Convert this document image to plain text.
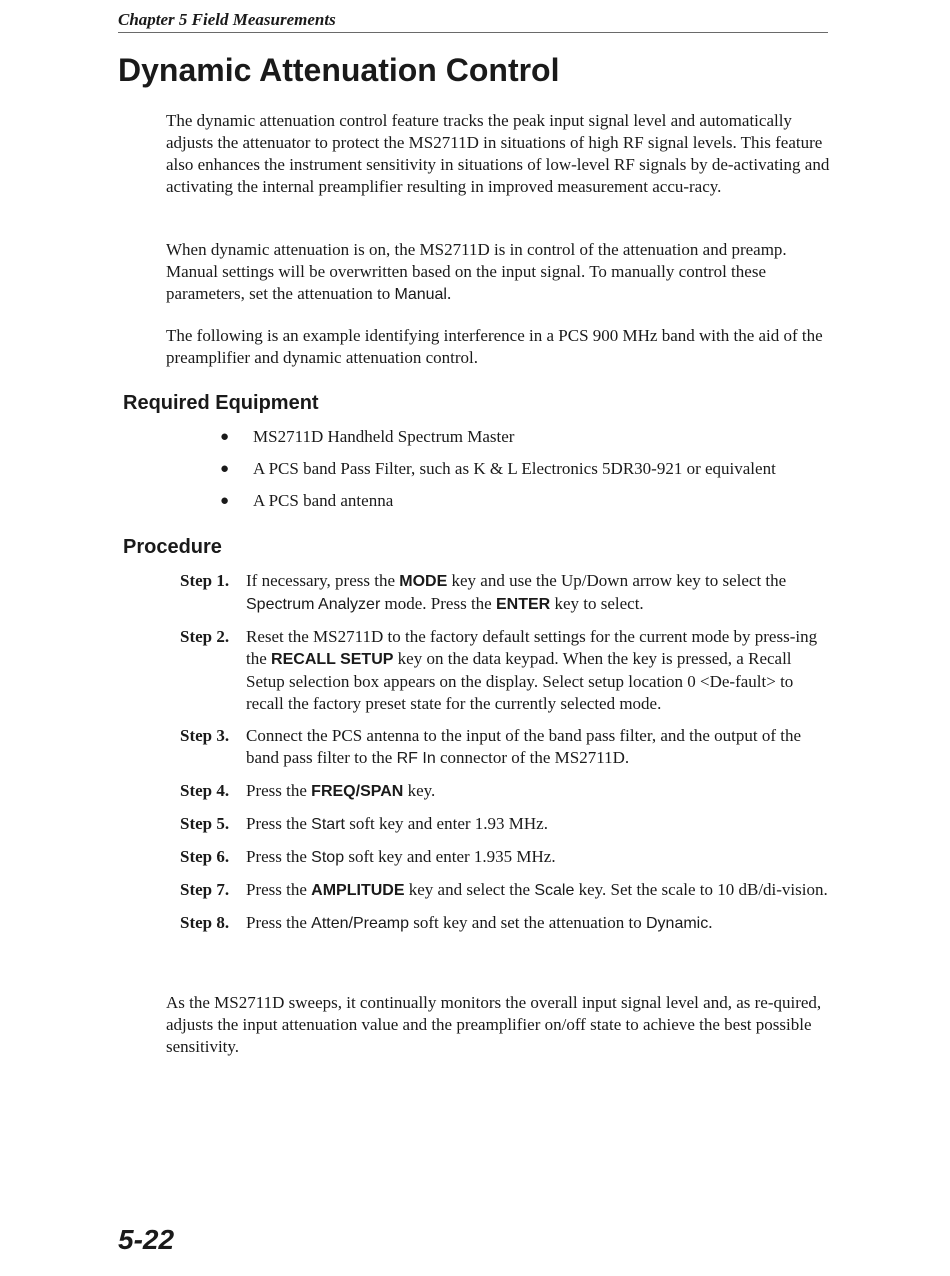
Chapter 5 Field Measurements
Dynamic Attenuation Control

The dynamic attenuation control feature tracks the peak input signal level and automatically adjusts the attenuator to protect the MS2711D in situations of high RF signal levels. This feature also enhances the instrument sensitivity in situations of low-level RF signals by de-activating and activating the internal preamplifier resulting in improved measurement accu-racy.

When dynamic attenuation is on, the MS2711D is in control of the attenuation and preamp. Manual settings will be overwritten based on the input signal. To manually control these parameters, set the attenuation to Manual.

The following is an example identifying interference in a PCS 900 MHz band with the aid of the preamplifier and dynamic attenuation control.

Required Equipment
● MS2711D Handheld Spectrum Master
● A PCS band Pass Filter, such as K & L Electronics 5DR30-921 or equivalent
● A PCS band antenna
Procedure
Step 1. If necessary, press the MODE key and use the Up/Down arrow key to select the Spectrum Analyzer mode. Press the ENTER key to select.
Step 2. Reset the MS2711D to the factory default settings for the current mode by press-ing the RECALL SETUP key on the data keypad. When the key is pressed, a Recall Setup selection box appears on the display. Select setup location 0 <De-fault> to recall the factory preset state for the currently selected mode.
Step 3. Connect the PCS antenna to the input of the band pass filter, and the output of the band pass filter to the RF In connector of the MS2711D.
Step 4. Press the FREQ/SPAN key.
Step 5. Press the Start soft key and enter 1.93 MHz.
Step 6. Press the Stop soft key and enter 1.935 MHz.
Step 7. Press the AMPLITUDE key and select the Scale key. Set the scale to 10 dB/di-vision.
Step 8. Press the Atten/Preamp soft key and set the attenuation to Dynamic.

As the MS2711D sweeps, it continually monitors the overall input signal level and, as re-quired, adjusts the input attenuation value and the preamplifier on/off state to achieve the best possible sensitivity.

5-22
